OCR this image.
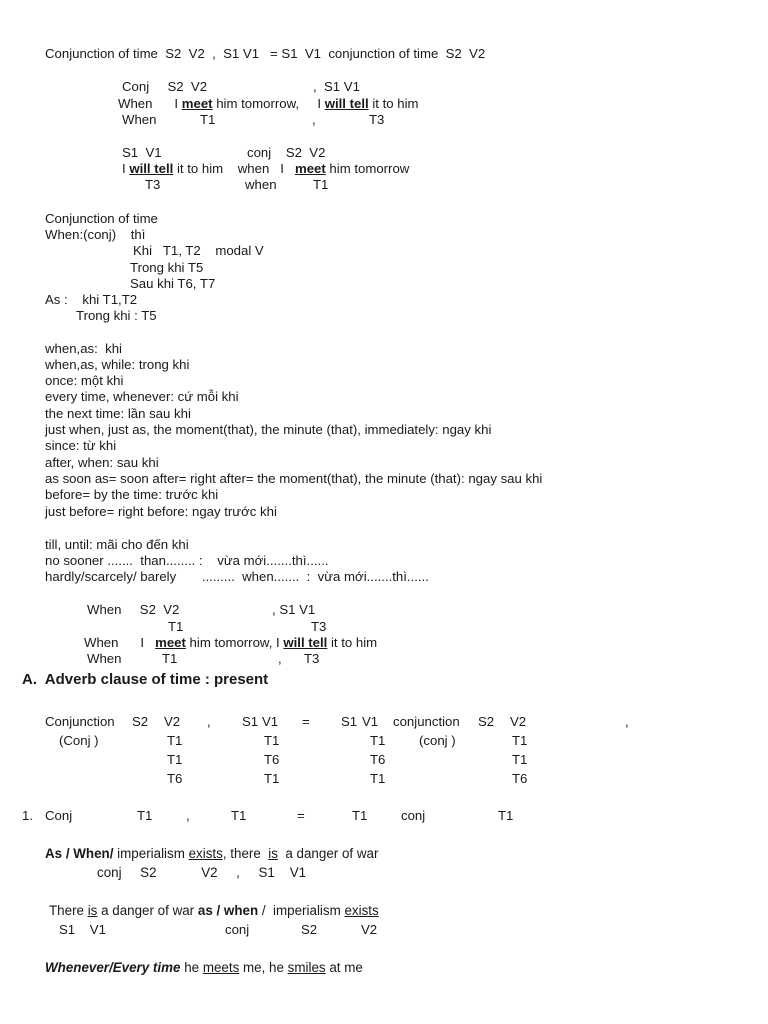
Conjunction of time  S2  V2  ,  S1 V1   = S1  V1  conjunction of time  S2  V2
Conj     S2  V2	,  S1 V1
When      I meet him tomorrow,     I will tell it to him
When	T1	,	T3
S1  V1	conj    S2  V2
I will tell it to him    when   I   meet him tomorrow
T3	when	T1
Conjunction of time
When:(conj)    thì
Khi   T1, T2    modal V
Trong khi T5
Sau khi T6, T7
As :    khi T1,T2
Trong khi : T5
when,as:  khi
when,as, while: trong khi
once: một khi
every time, whenever: cứ mỗi khi
the next time: lần sau khi
just when, just as, the moment(that), the minute (that), immediately: ngay khi
since: từ khi
after, when: sau khi
as soon as= soon after= right after= the moment(that), the minute (that): ngay sau khi
before= by the time: trước khi
just before= right before: ngay trước khi
till, until: mãi cho đến khi
no sooner .......  than........ :    vừa mới.......thì......
hardly/scarcely/ barely       .........  when.......  :  vừa mới.......thì......
When     S2  V2	, S1 V1
T1	T3
When      I   meet him tomorrow, I will tell it to him
When	T1	, T3
A.  Adverb clause of time : present
Conjunction S2 V2 , S1 V1 = S1 V1 conjunction S2 V2	,
(Conj )	T1	T1	T1	(conj )	T1
T1	T6	T6	T1
T6	T1	T1	T6
1. Conj	T1	,	T1	=	T1	conj	T1
As / When/ imperialism exists, there  is  a danger of war
conj     S2            V2     ,     S1    V1
There is a danger of war as / when /  imperialism exists
S1    V1	conj	S2	V2
Whenever/Every time he meets me, he smiles at me
